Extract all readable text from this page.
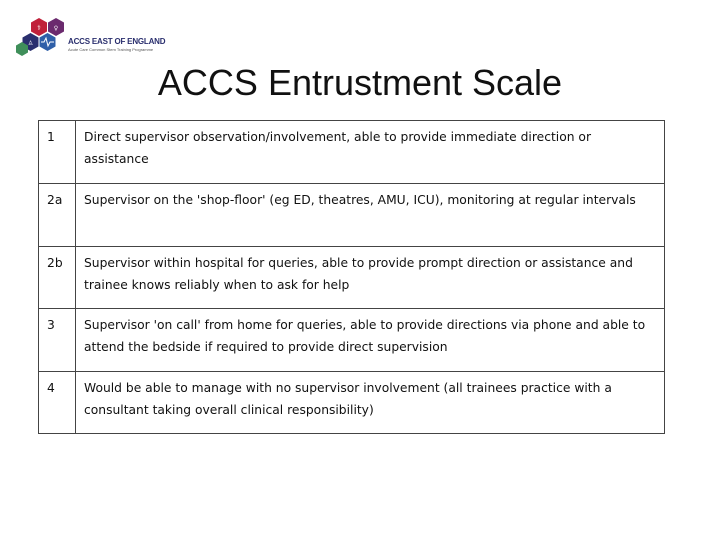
⚕ ♀
♙	ACCS EAST OF ENGLAND
Acute Care Common Stem Training Programme
ACCS Entrustment Scale
1	Direct supervisor observation/involvement, able to provide immediate direction or assistance
2a	Supervisor on the 'shop-floor' (eg ED, theatres, AMU, ICU), monitoring at regular intervals
2b	Supervisor within hospital for queries, able to provide prompt direction or assistance and trainee knows reliably when to ask for help
3	Supervisor 'on call' from home for queries, able to provide directions via phone and able to attend the bedside if required to provide direct supervision
4	Would be able to manage with no supervisor involvement (all trainees practice with a consultant taking overall clinical responsibility)
